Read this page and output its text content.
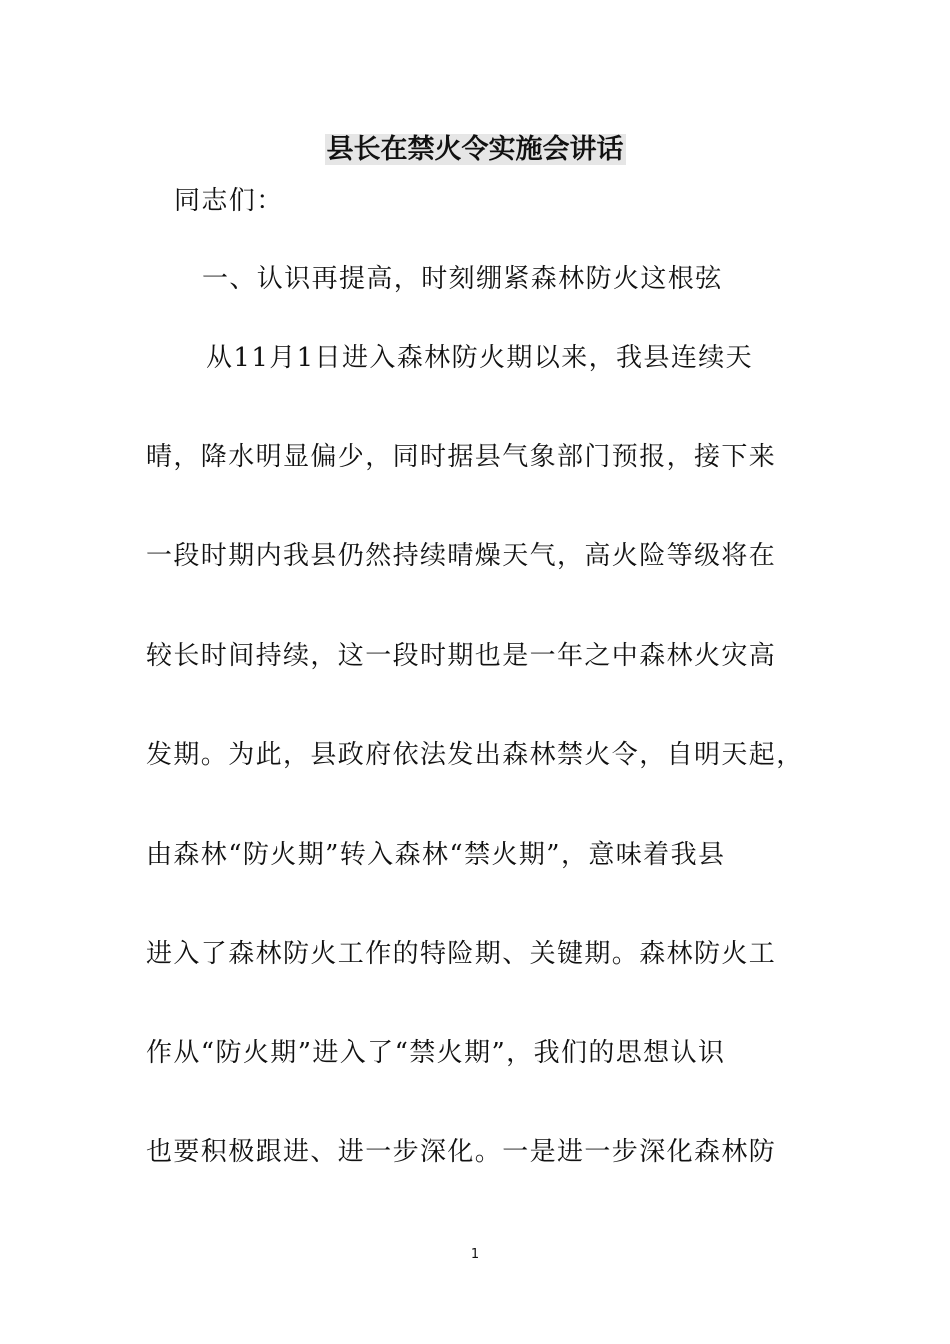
县长在禁火令实施会讲话

同志们：

一、认识再提高，时刻绷紧森林防火这根弦

从11月1日进入森林防火期以来，我县连续天

晴，降水明显偏少，同时据县气象部门预报，接下来

一段时期内我县仍然持续晴燥天气，高火险等级将在

较长时间持续，这一段时期也是一年之中森林火灾高

发期。为此，县政府依法发出森林禁火令，自明天起，

由森林“防火期”转入森林“禁火期”，意味着我县

进入了森林防火工作的特险期、关键期。森林防火工

作从“防火期”进入了“禁火期”，我们的思想认识

也要积极跟进、进一步深化。一是进一步深化森林防

1
